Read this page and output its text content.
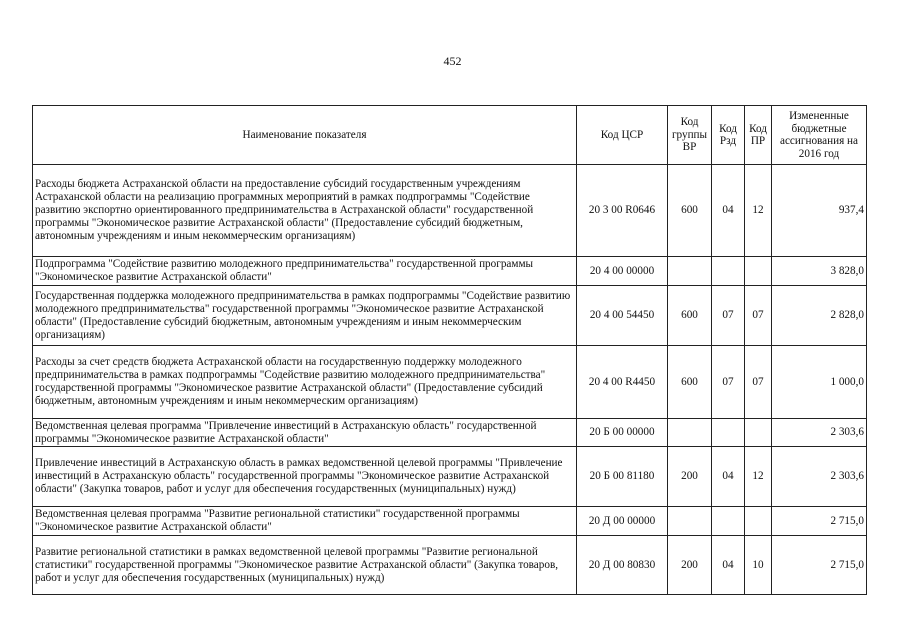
452
Наименование показателя	Код ЦСР	Код группы ВР	Код Рзд	Код ПР	Измененные бюджетные ассигнования на 2016 год
Расходы бюджета Астраханской области на предоставление субсидий государственным учреждениям Астраханской области на реализацию программных мероприятий в рамках подпрограммы "Содействие развитию экспортно ориентированного предпринимательства в Астраханской области" государственной программы "Экономическое развитие Астраханской области" (Предоставление субсидий бюджетным, автономным учреждениям и иным некоммерческим организациям)	20 3 00 R0646	600	04	12	937,4
Подпрограмма "Содействие развитию молодежного предпринимательства" государственной программы "Экономическое развитие Астраханской области"	20 4 00 00000				3 828,0
Государственная поддержка молодежного предпринимательства в рамках подпрограммы "Содействие развитию молодежного предпринимательства" государственной программы "Экономическое развитие Астраханской области" (Предоставление субсидий бюджетным, автономным учреждениям и иным некоммерческим организациям)	20 4 00 54450	600	07	07	2 828,0
Расходы за счет средств бюджета Астраханской области на государственную поддержку молодежного предпринимательства в рамках подпрограммы "Содействие развитию молодежного предпринимательства" государственной программы "Экономическое развитие Астраханской области" (Предоставление субсидий бюджетным, автономным учреждениям и иным некоммерческим организациям)	20 4 00 R4450	600	07	07	1 000,0
Ведомственная целевая программа "Привлечение инвестиций в Астраханскую область" государственной программы "Экономическое развитие Астраханской области"	20 Б 00 00000				2 303,6
Привлечение инвестиций в Астраханскую область в рамках ведомственной целевой программы "Привлечение инвестиций в Астраханскую область" государственной программы "Экономическое развитие Астраханской области" (Закупка товаров, работ и услуг для обеспечения государственных (муниципальных) нужд)	20 Б 00 81180	200	04	12	2 303,6
Ведомственная целевая программа "Развитие региональной статистики" государственной программы "Экономическое развитие Астраханской области"	20 Д 00 00000				2 715,0
Развитие региональной статистики в рамках ведомственной целевой программы "Развитие региональной статистики" государственной программы "Экономическое развитие Астраханской области" (Закупка товаров, работ и услуг для обеспечения государственных (муниципальных) нужд)	20 Д 00 80830	200	04	10	2 715,0
